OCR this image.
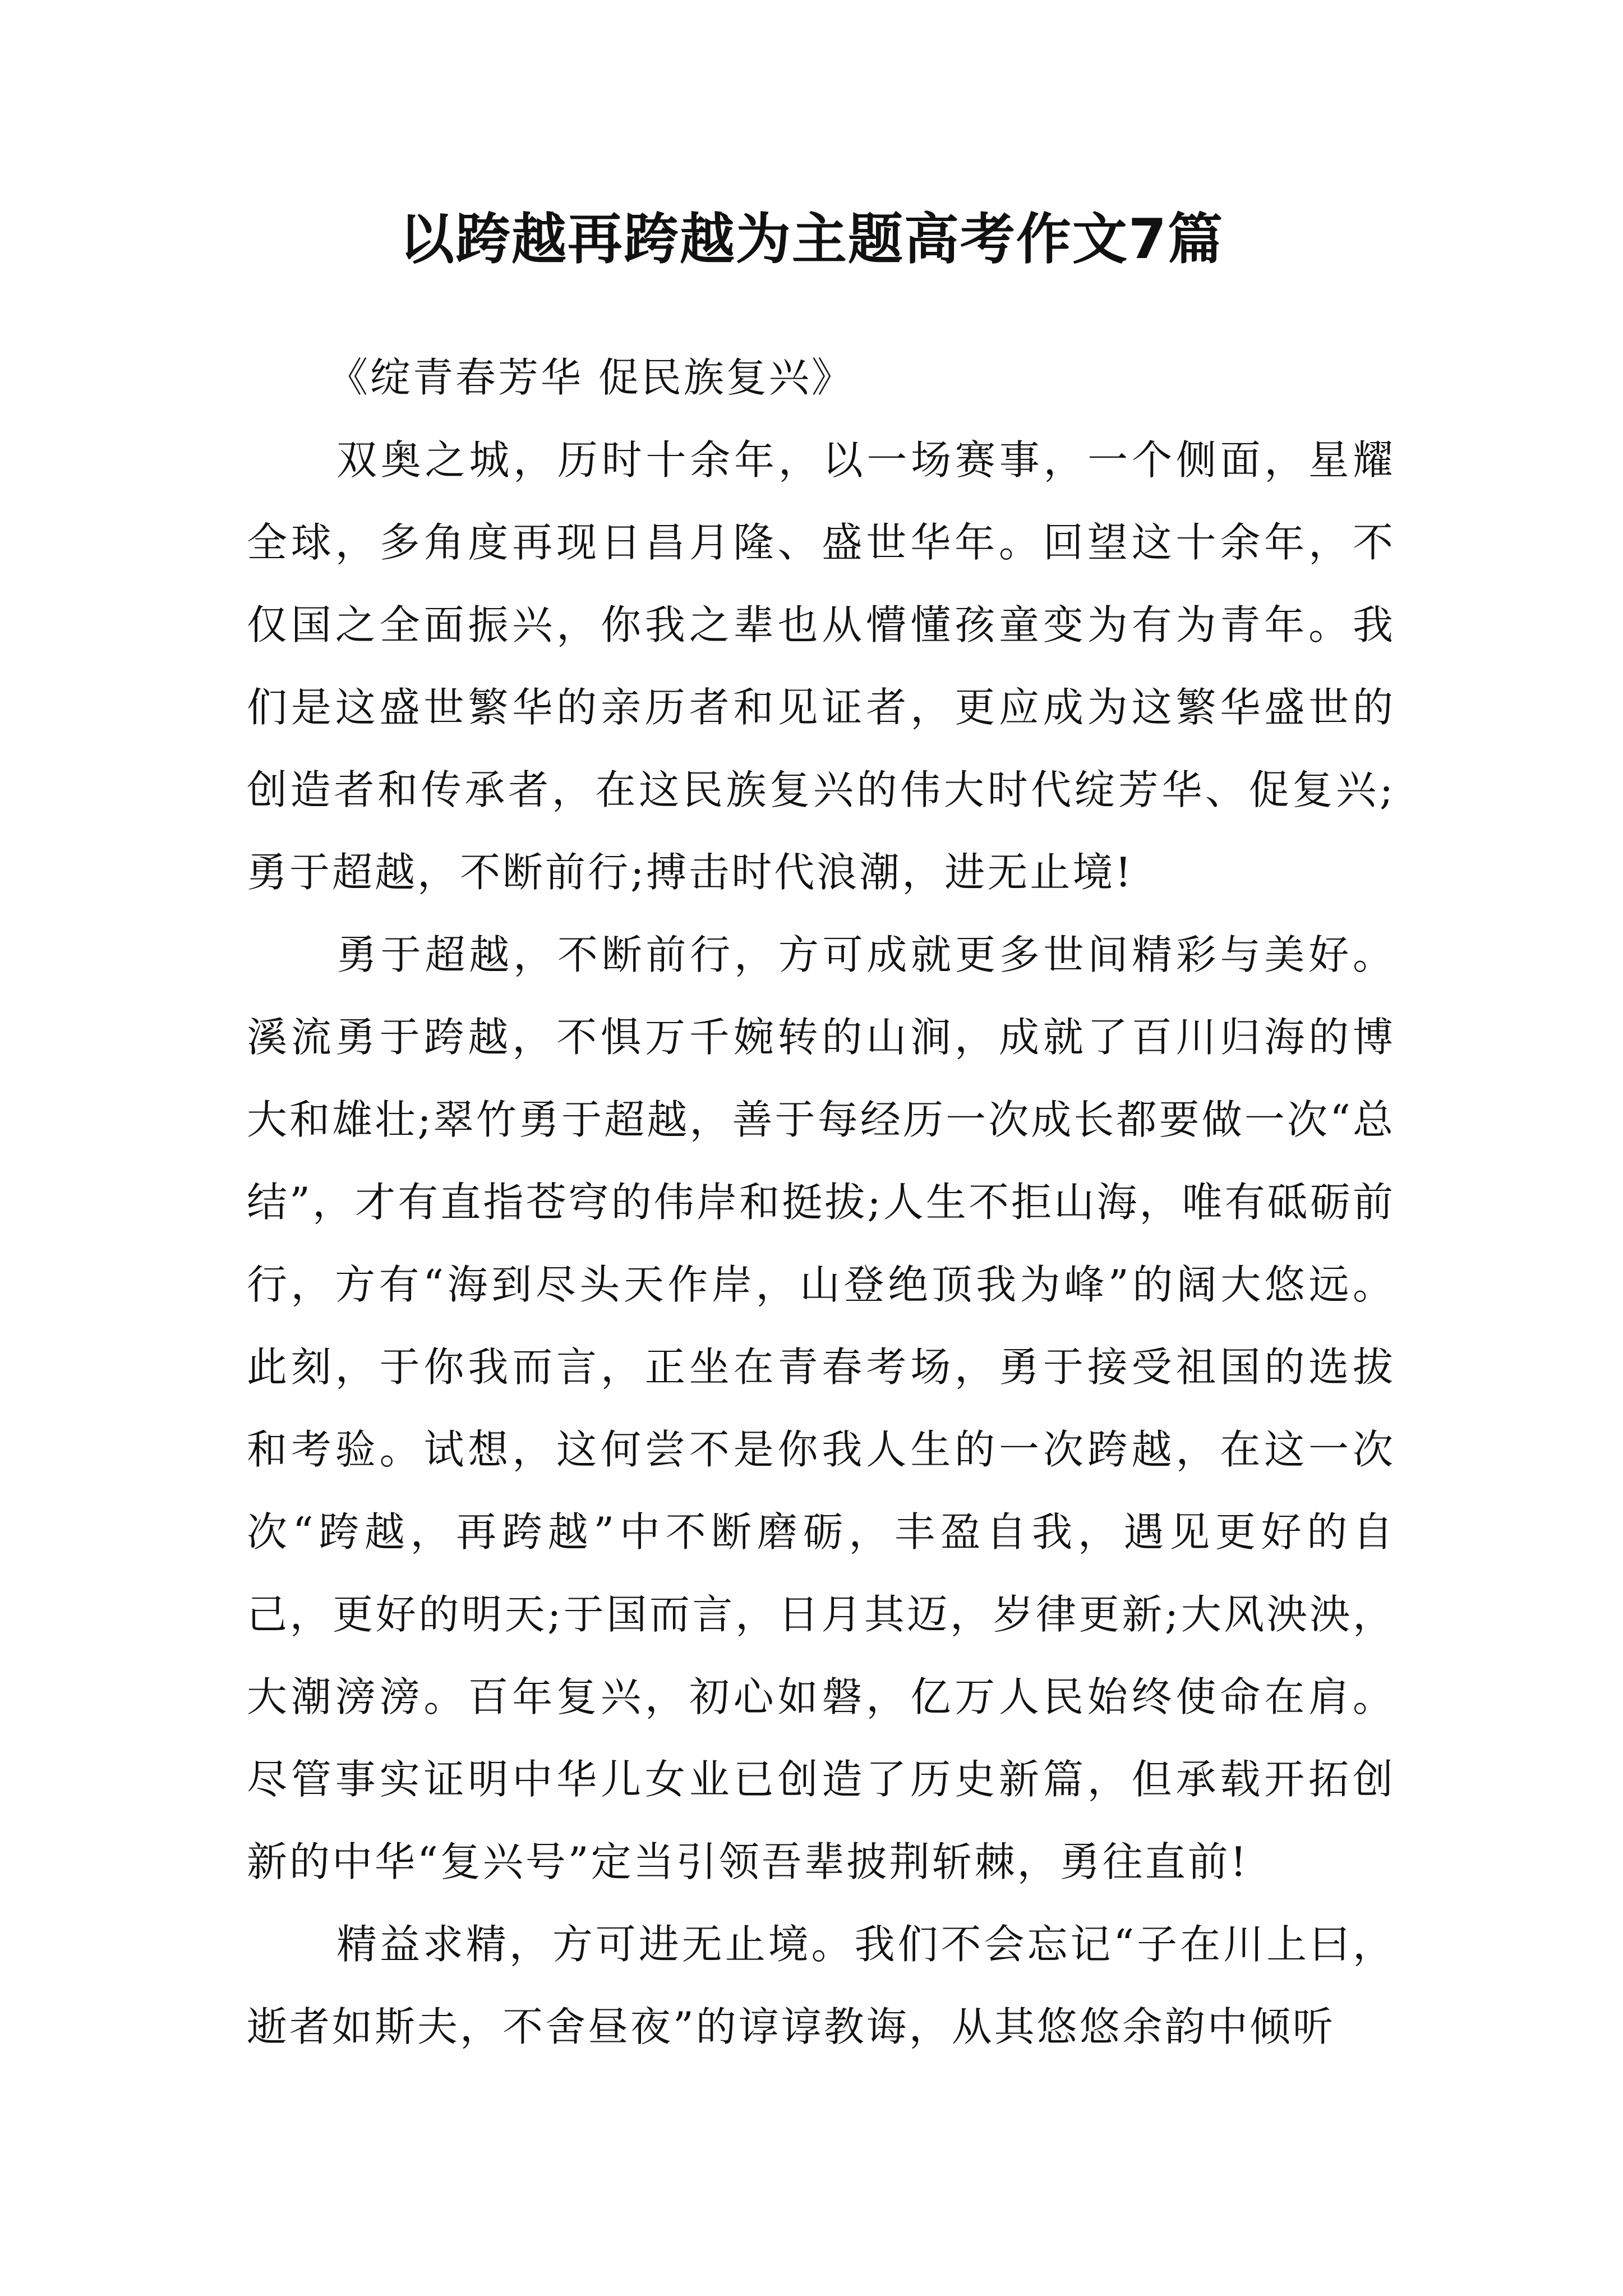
以跨越再跨越为主题高考作文7篇

《绽青春芳华 促民族复兴》

双奥之城，历时十余年，以一场赛事，一个侧面，星耀全球，多角度再现日昌月隆、盛世华年。回望这十余年，不仅国之全面振兴，你我之辈也从懵懂孩童变为有为青年。我们是这盛世繁华的亲历者和见证者，更应成为这繁华盛世的创造者和传承者，在这民族复兴的伟大时代绽芳华、促复兴;勇于超越，不断前行;搏击时代浪潮，进无止境!

勇于超越，不断前行，方可成就更多世间精彩与美好。溪流勇于跨越，不惧万千婉转的山涧，成就了百川归海的博大和雄壮;翠竹勇于超越，善于每经历一次成长都要做一次“总结”，才有直指苍穹的伟岸和挺拔;人生不拒山海，唯有砥砺前行，方有“海到尽头天作岸，山登绝顶我为峰”的阔大悠远。此刻，于你我而言，正坐在青春考场，勇于接受祖国的选拔和考验。试想，这何尝不是你我人生的一次跨越，在这一次次“跨越，再跨越”中不断磨砺，丰盈自我，遇见更好的自己，更好的明天;于国而言，日月其迈，岁律更新;大风泱泱，大潮滂滂。百年复兴，初心如磐，亿万人民始终使命在肩。尽管事实证明中华儿女业已创造了历史新篇，但承载开拓创新的中华“复兴号”定当引领吾辈披荆斩棘，勇往直前!

精益求精，方可进无止境。我们不会忘记“子在川上曰，逝者如斯夫，不舍昼夜”的谆谆教诲，从其悠悠余韵中倾听
